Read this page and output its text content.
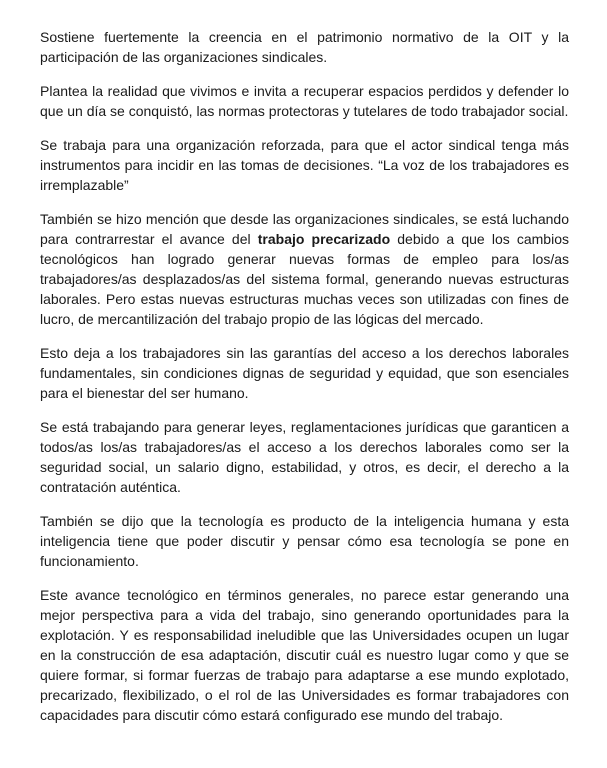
Sostiene fuertemente la creencia en el patrimonio normativo de la OIT y la participación de las organizaciones sindicales.

Plantea la realidad que vivimos e invita a recuperar espacios perdidos y defender lo que un día se conquistó, las normas protectoras y tutelares de todo trabajador social.

Se trabaja para una organización reforzada, para que el actor sindical tenga más instrumentos para incidir en las tomas de decisiones. “La voz de los trabajadores es irremplazable”

También se hizo mención que desde las organizaciones sindicales, se está luchando para contrarrestar el avance del trabajo precarizado debido a que los cambios tecnológicos han logrado generar nuevas formas de empleo para los/as trabajadores/as desplazados/as del sistema formal, generando nuevas estructuras laborales. Pero estas nuevas estructuras muchas veces son utilizadas con fines de lucro, de mercantilización del trabajo propio de las lógicas del mercado.

Esto deja a los trabajadores sin las garantías del acceso a los derechos laborales fundamentales, sin condiciones dignas de seguridad y equidad, que son esenciales para el bienestar del ser humano.

Se está trabajando para generar leyes, reglamentaciones jurídicas que garanticen a todos/as los/as trabajadores/as el acceso a los derechos laborales como ser la seguridad social, un salario digno, estabilidad, y otros, es decir, el derecho a la contratación auténtica.

También se dijo que la tecnología es producto de la inteligencia humana y esta inteligencia tiene que poder discutir y pensar cómo esa tecnología se pone en funcionamiento.

Este avance tecnológico en términos generales, no parece estar generando una mejor perspectiva para a vida del trabajo, sino generando oportunidades para la explotación. Y es responsabilidad ineludible que las Universidades ocupen un lugar en la construcción de esa adaptación, discutir cuál es nuestro lugar como y que se quiere formar, si formar fuerzas de trabajo para adaptarse a ese mundo explotado, precarizado, flexibilizado, o el rol de las Universidades es formar trabajadores con capacidades para discutir cómo estará configurado ese mundo del trabajo.
